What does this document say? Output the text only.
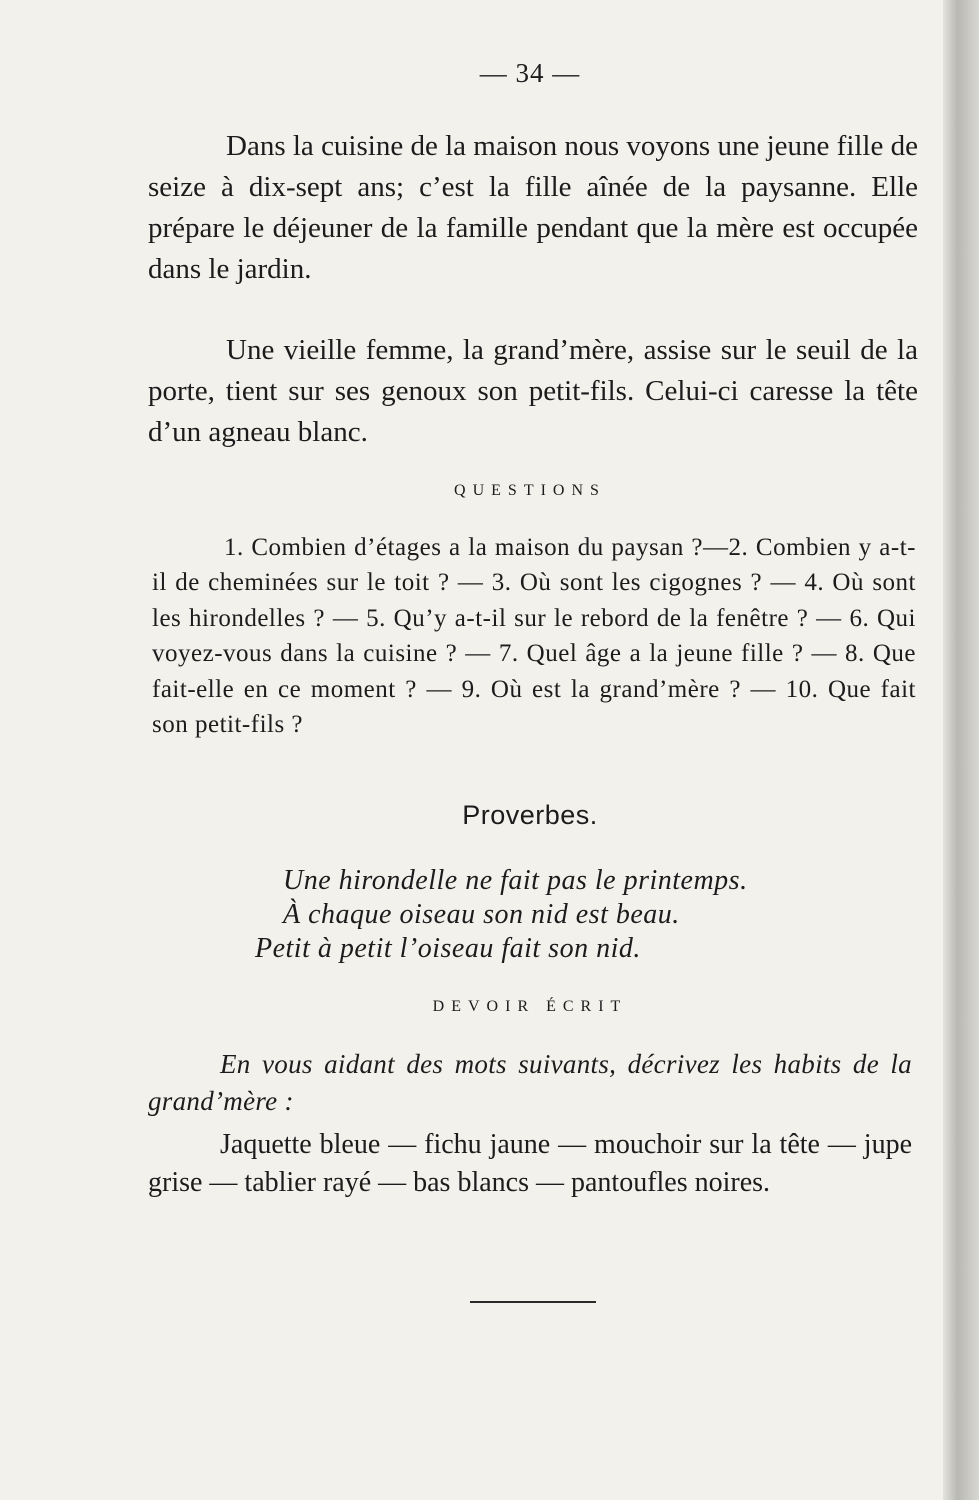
— 34 —

Dans la cuisine de la maison nous voyons une jeune fille de seize à dix-sept ans; c’est la fille aînée de la paysanne. Elle prépare le déjeuner de la famille pendant que la mère est occupée dans le jardin.

Une vieille femme, la grand’mère, assise sur le seuil de la porte, tient sur ses genoux son petit-fils. Celui-ci caresse la tête d’un agneau blanc.

QUESTIONS

1. Combien d’étages a la maison du paysan ?—2. Combien y a-t-il de cheminées sur le toit ? — 3. Où sont les cigognes ? — 4. Où sont les hirondelles ? — 5. Qu’y a-t-il sur le rebord de la fenêtre ? — 6. Qui voyez-vous dans la cuisine ? — 7. Quel âge a la jeune fille ? — 8. Que fait-elle en ce moment ? — 9. Où est la grand’mère ? — 10. Que fait son petit-fils ?

Proverbes.
Une hirondelle ne fait pas le printemps.
À chaque oiseau son nid est beau.
Petit à petit l’oiseau fait son nid.
DEVOIR ÉCRIT

En vous aidant des mots suivants, décrivez les habits de la grand’mère :

Jaquette bleue — fichu jaune — mouchoir sur la tête — jupe grise — tablier rayé — bas blancs — pantoufles noires.
